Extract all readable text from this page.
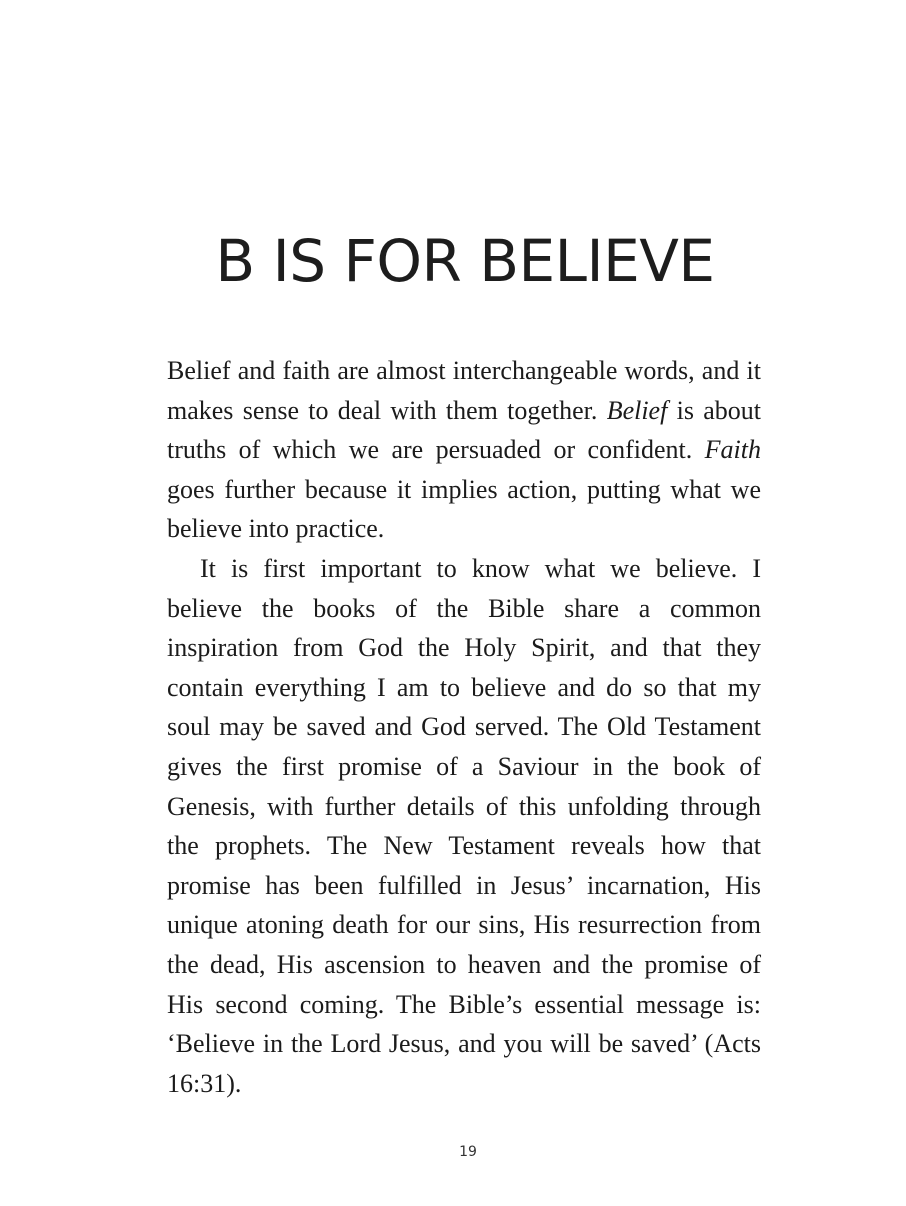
B IS FOR BELIEVE

Belief and faith are almost interchangeable words, and it makes sense to deal with them together. Belief is about truths of which we are persuaded or confident. Faith goes further because it implies action, putting what we believe into practice.

It is first important to know what we believe. I believe the books of the Bible share a common inspiration from God the Holy Spirit, and that they contain everything I am to believe and do so that my soul may be saved and God served. The Old Testament gives the first promise of a Saviour in the book of Genesis, with further details of this unfolding through the prophets. The New Testament reveals how that promise has been fulfilled in Jesus’ incarnation, His unique atoning death for our sins, His resurrection from the dead, His ascension to heaven and the promise of His second coming. The Bible’s essential message is: ‘Believe in the Lord Jesus, and you will be saved’ (Acts 16:31).

19
